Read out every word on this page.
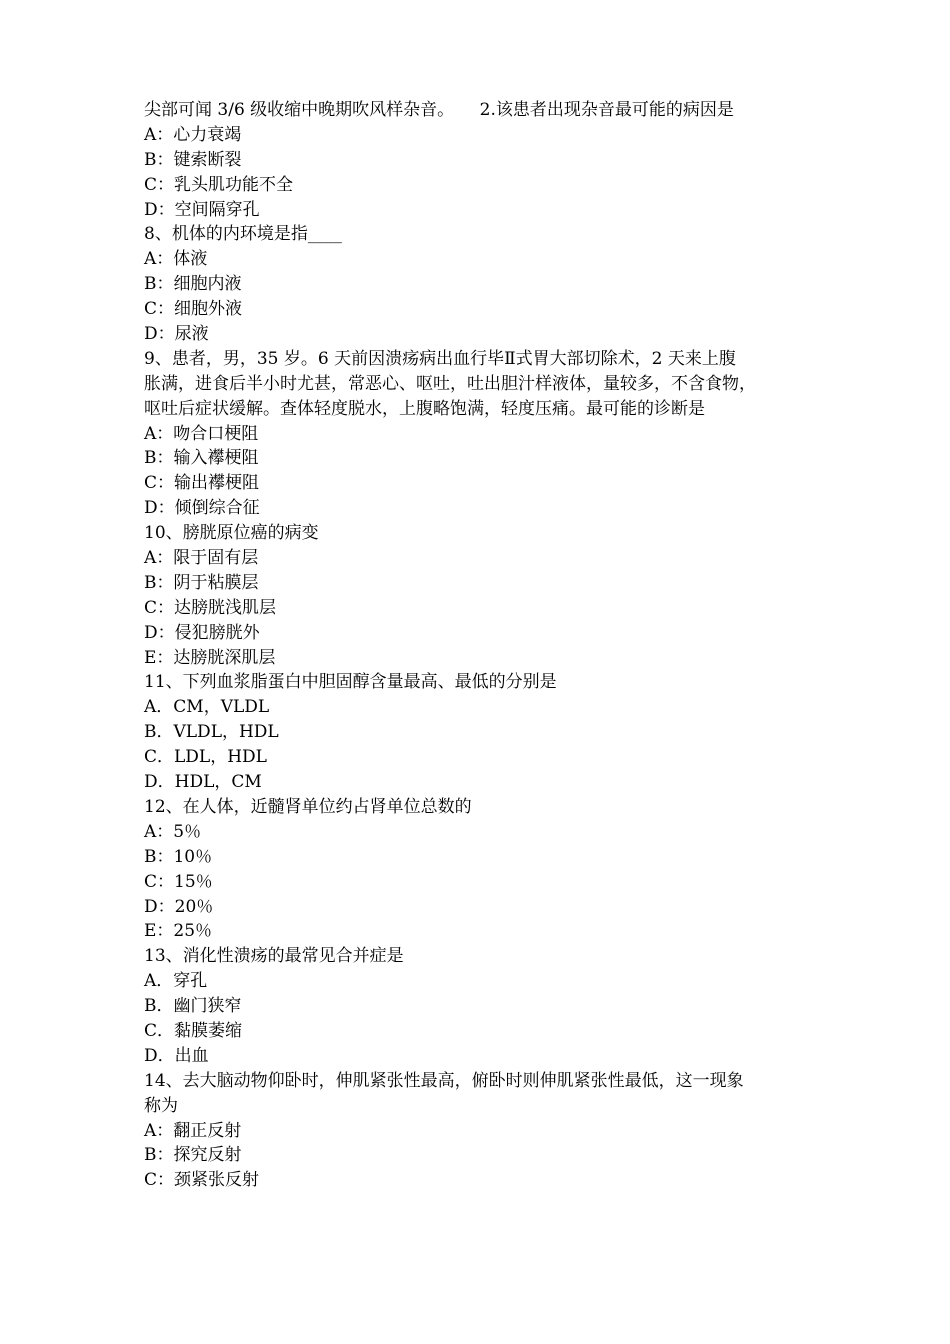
尖部可闻 3/6 级收缩中晚期吹风样杂音。　　2.该患者出现杂音最可能的病因是
A：心力衰竭
B：键索断裂
C：乳头肌功能不全
D：空间隔穿孔
8、机体的内环境是指____
A：体液
B：细胞内液
C：细胞外液
D：尿液
9、患者，男，35 岁。6 天前因溃疡病出血行毕Ⅱ式胃大部切除术，2 天来上腹
胀满，进食后半小时尤甚，常恶心、呕吐，吐出胆汁样液体，量较多，不含食物，
呕吐后症状缓解。查体轻度脱水，上腹略饱满，轻度压痛。最可能的诊断是
A：吻合口梗阻
B：输入襻梗阻
C：输出襻梗阻
D：倾倒综合征
10、膀胱原位癌的病变
A：限于固有层
B：阴于粘膜层
C：达膀胱浅肌层
D：侵犯膀胱外
E：达膀胱深肌层
11、下列血浆脂蛋白中胆固醇含量最高、最低的分别是
A．CM，VLDL
B．VLDL，HDL
C．LDL，HDL
D．HDL，CM
12、在人体，近髓肾单位约占肾单位总数的
A：5％
B：10％
C：15％
D：20％
E：25％
13、消化性溃疡的最常见合并症是
A．穿孔
B．幽门狭窄
C．黏膜萎缩
D．出血
14、去大脑动物仰卧时，伸肌紧张性最高，俯卧时则伸肌紧张性最低，这一现象
称为
A：翻正反射
B：探究反射
C：颈紧张反射
